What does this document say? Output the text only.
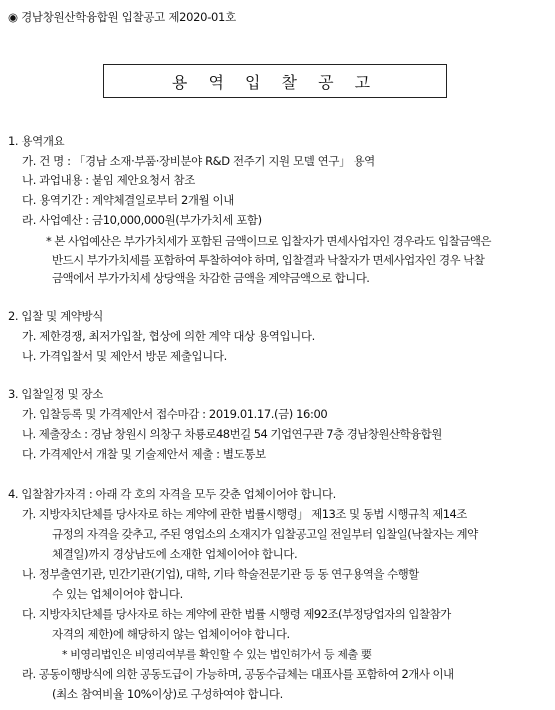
◉ 경남창원산학융합원 입찰공고 제2020-01호
용 역 입 찰 공 고
1. 용역개요
가. 건 명 : 「경남 소재·부품·장비분야 R&D 전주기 지원 모델 연구」 용역
나. 과업내용 : 붙임 제안요청서 참조
다. 용역기간 : 계약체결일로부터 2개월 이내
라. 사업예산 : 금10,000,000원(부가가치세 포함)
* 본 사업예산은 부가가치세가 포함된 금액이므로 입찰자가 면세사업자인 경우라도 입찰금액은
반드시 부가가치세를 포함하여 투찰하여야 하며, 입찰결과 낙찰자가 면세사업자인 경우 낙찰
금액에서 부가가치세 상당액을 차감한 금액을 계약금액으로 합니다.
2. 입찰 및 계약방식
가. 제한경쟁, 최저가입찰, 협상에 의한 계약 대상 용역입니다.
나. 가격입찰서 및 제안서 방문 제출입니다.
3. 입찰일정 및 장소
가. 입찰등록 및 가격제안서 접수마감 : 2019.01.17.(금) 16:00
나. 제출장소 : 경남 창원시 의창구 차룡로48번길 54 기업연구관 7층 경남창원산학융합원
다. 가격제안서 개찰 및 기술제안서 제출 : 별도통보
4. 입찰참가자격 : 아래 각 호의 자격을 모두 갖춘 업체이어야 합니다.
가. 지방자치단체를 당사자로 하는 계약에 관한 법률시행령」 제13조 및 동법 시행규칙 제14조
규정의 자격을 갖추고, 주된 영업소의 소재지가 입찰공고일 전일부터 입찰일(낙찰자는 계약
체결일)까지 경상남도에 소재한 업체이어야 합니다.
나. 정부출연기관, 민간기관(기업), 대학, 기타 학술전문기관 등 동 연구용역을 수행할
수 있는 업체이어야 합니다.
다. 지방자치단체를 당사자로 하는 계약에 관한 법률 시행령 제92조(부정당업자의 입찰참가
자격의 제한)에 해당하지 않는 업체이어야 합니다.
* 비영리법인은 비영리여부를 확인할 수 있는 법인허가서 등 제출 要
라. 공동이행방식에 의한 공동도급이 가능하며, 공동수급체는 대표사를 포함하여 2개사 이내
(최소 참여비율 10%이상)로 구성하여야 합니다.
